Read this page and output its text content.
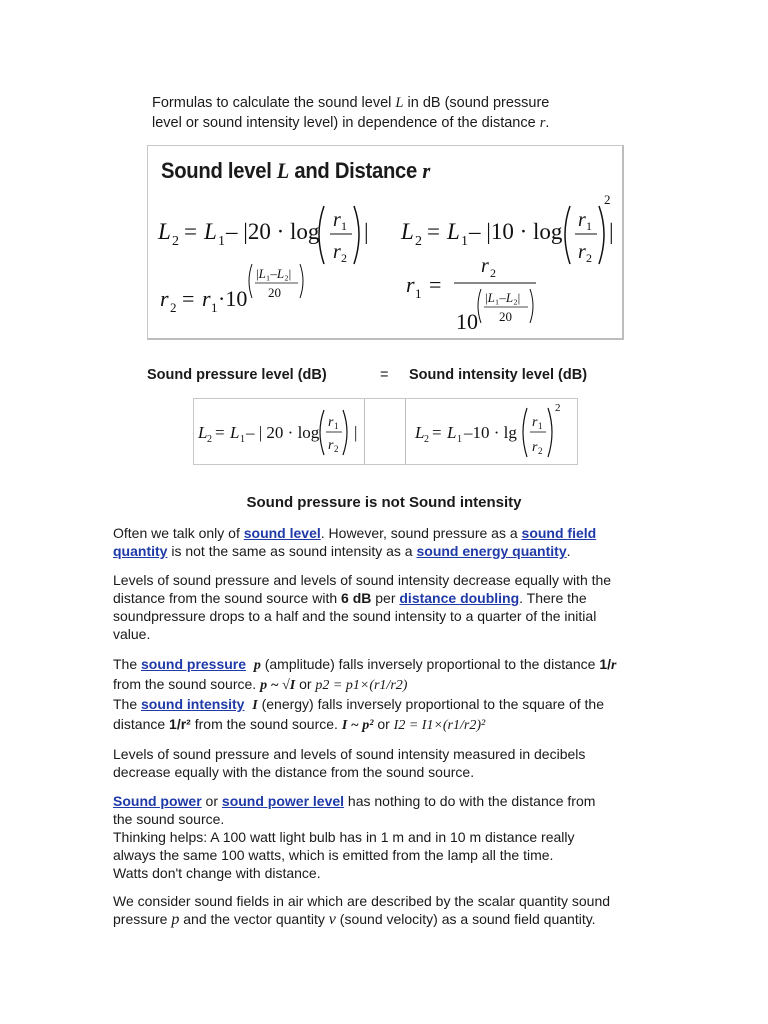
Formulas to calculate the sound level L in dB (sound pressure
level or sound intensity level) in dependence of the distance r.
Sound level L and Distance r
L 2 = L 1 – |20 · log r 1
r 2
| L 2 = L 1 – |10 · log r 1
r 2
2
|
r 2 = r 1 ·10
|L₁–L₂|
20	r 1 =
r 2
10
|L₁–L₂|
20
Sound pressure level (dB)	= Sound intensity level (dB)
L 2 = L 1 – | 20 · log
r 1
r 2
|	L 2 = L 1 –10 · lg
r 1
r 2
2
Sound pressure is not Sound intensity

Often we talk only of sound level. However, sound pressure as a sound field

quantity is not the same as sound intensity as a sound energy quantity.

Levels of sound pressure and levels of sound intensity decrease equally with the

distance from the sound source with 6 dB per distance doubling. There the

soundpressure drops to a half and the sound intensity to a quarter of the initial

value.

The sound pressure p (amplitude) falls inversely proportional to the distance 1/r

from the sound source. p ~ √I or p2 = p1×(r1/r2)

The sound intensity I (energy) falls inversely proportional to the square of the

distance 1/r² from the sound source. I ~ p² or I2 = I1×(r1/r2)²

Levels of sound pressure and levels of sound intensity measured in decibels

decrease equally with the distance from the sound source.

Sound power or sound power level has nothing to do with the distance from

the sound source.

Thinking helps: A 100 watt light bulb has in 1 m and in 10 m distance really

always the same 100 watts, which is emitted from the lamp all the time.

Watts don't change with distance.

We consider sound fields in air which are described by the scalar quantity sound

pressure p and the vector quantity v (sound velocity) as a sound field quantity.
